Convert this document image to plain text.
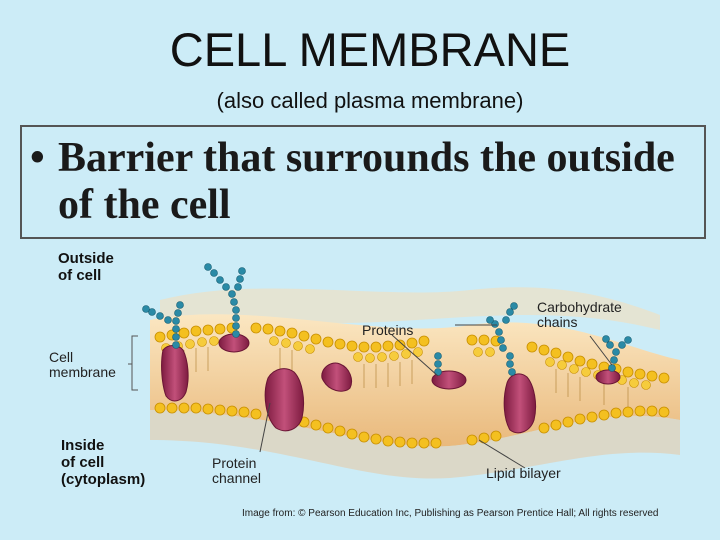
CELL MEMBRANE
(also called plasma membrane)
• Barrier that surrounds the outside
of the cell
Outside
of cell
Proteins
Carbohydrate
chains
Cell
membrane
Inside
of cell
(cytoplasm)
Protein
channel	Lipid bilayer
Image from: © Pearson Education Inc, Publishing as Pearson Prentice Hall; All rights reserved
